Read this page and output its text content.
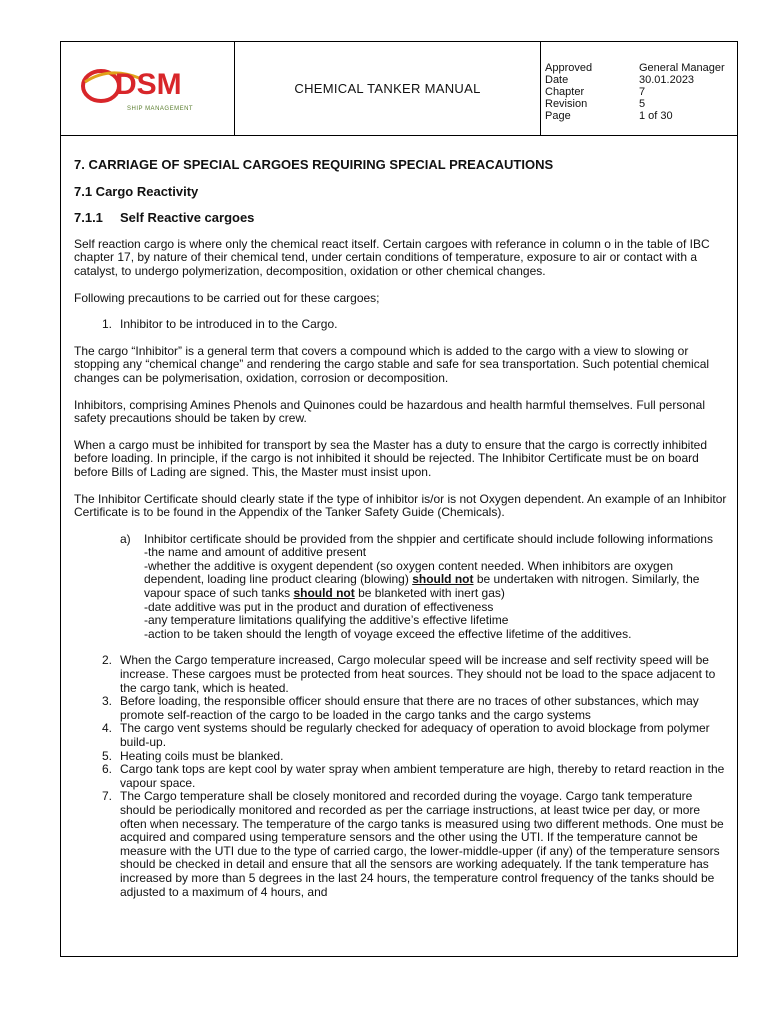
DSM
SHIP MANAGEMENT
CHEMICAL TANKER MANUAL
Approved	General Manager
Date	30.01.2023
Chapter	7
Revision	5
Page	1 of 30
7. CARRIAGE OF SPECIAL CARGOES REQUIRING SPECIAL PREACAUTIONS
7.1 Cargo Reactivity
7.1.1	Self Reactive cargoes

Self reaction cargo is where only the chemical react itself. Certain cargoes with referance in column o in the table of IBC chapter 17, by nature of their chemical tend, under certain conditions of temperature, exposure to air or contact with a catalyst, to undergo polymerization, decomposition, oxidation or other chemical changes.

Following precautions to be carried out for these cargoes;

1. Inhibitor to be introduced in to the Cargo.

The cargo “Inhibitor” is a general term that covers a compound which is added to the cargo with a view to slowing or stopping any “chemical change” and rendering the cargo stable and safe for sea transportation. Such potential chemical changes can be polymerisation, oxidation, corrosion or decomposition.

Inhibitors, comprising Amines Phenols and Quinones could be hazardous and health harmful themselves. Full personal safety precautions should be taken by crew.

When a cargo must be inhibited for transport by sea the Master has a duty to ensure that the cargo is correctly inhibited before loading. In principle, if the cargo is not inhibited it should be rejected. The Inhibitor Certificate must be on board before Bills of Lading are signed. This, the Master must insist upon.

The Inhibitor Certificate should clearly state if the type of inhibitor is/or is not Oxygen dependent. An example of an Inhibitor Certificate is to be found in the Appendix of the Tanker Safety Guide (Chemicals).

a)	Inhibitor certificate should be provided from the shppier and certificate should include following informations
-the name and amount of additive present
-whether the additive is oxygent dependent (so oxygen content needed. When inhibitors are oxygen dependent, loading line product clearing (blowing) should not be undertaken with nitrogen. Similarly, the vapour space of such tanks should not be blanketed with inert gas)
-date additive was put in the product and duration of effectiveness
-any temperature limitations qualifying the additive’s effective lifetime
-action to be taken should the length of voyage exceed the effective lifetime of the additives.
2. When the Cargo temperature increased, Cargo molecular speed will be increase and self rectivity speed will be increase. These cargoes must be protected from heat sources. They should not be load to the space adjacent to the cargo tank, which is heated.
3. Before loading, the responsible officer should ensure that there are no traces of other substances, which may promote self-reaction of the cargo to be loaded in the cargo tanks and the cargo systems
4. The cargo vent systems should be regularly checked for adequacy of operation to avoid blockage from polymer build-up.
5. Heating coils must be blanked.
6. Cargo tank tops are kept cool by water spray when ambient temperature are high, thereby to retard reaction in the vapour space.
7. The Cargo temperature shall be closely monitored and recorded during the voyage. Cargo tank temperature should be periodically monitored and recorded as per the carriage instructions, at least twice per day, or more often when necessary. The temperature of the cargo tanks is measured using two different methods. One must be acquired and compared using temperature sensors and the other using the UTI. If the temperature cannot be measure with the UTI due to the type of carried cargo, the lower-middle-upper (if any) of the temperature sensors should be checked in detail and ensure that all the sensors are working adequately. If the tank temperature has increased by more than 5 degrees in the last 24 hours, the temperature control frequency of the tanks should be adjusted to a maximum of 4 hours, and
